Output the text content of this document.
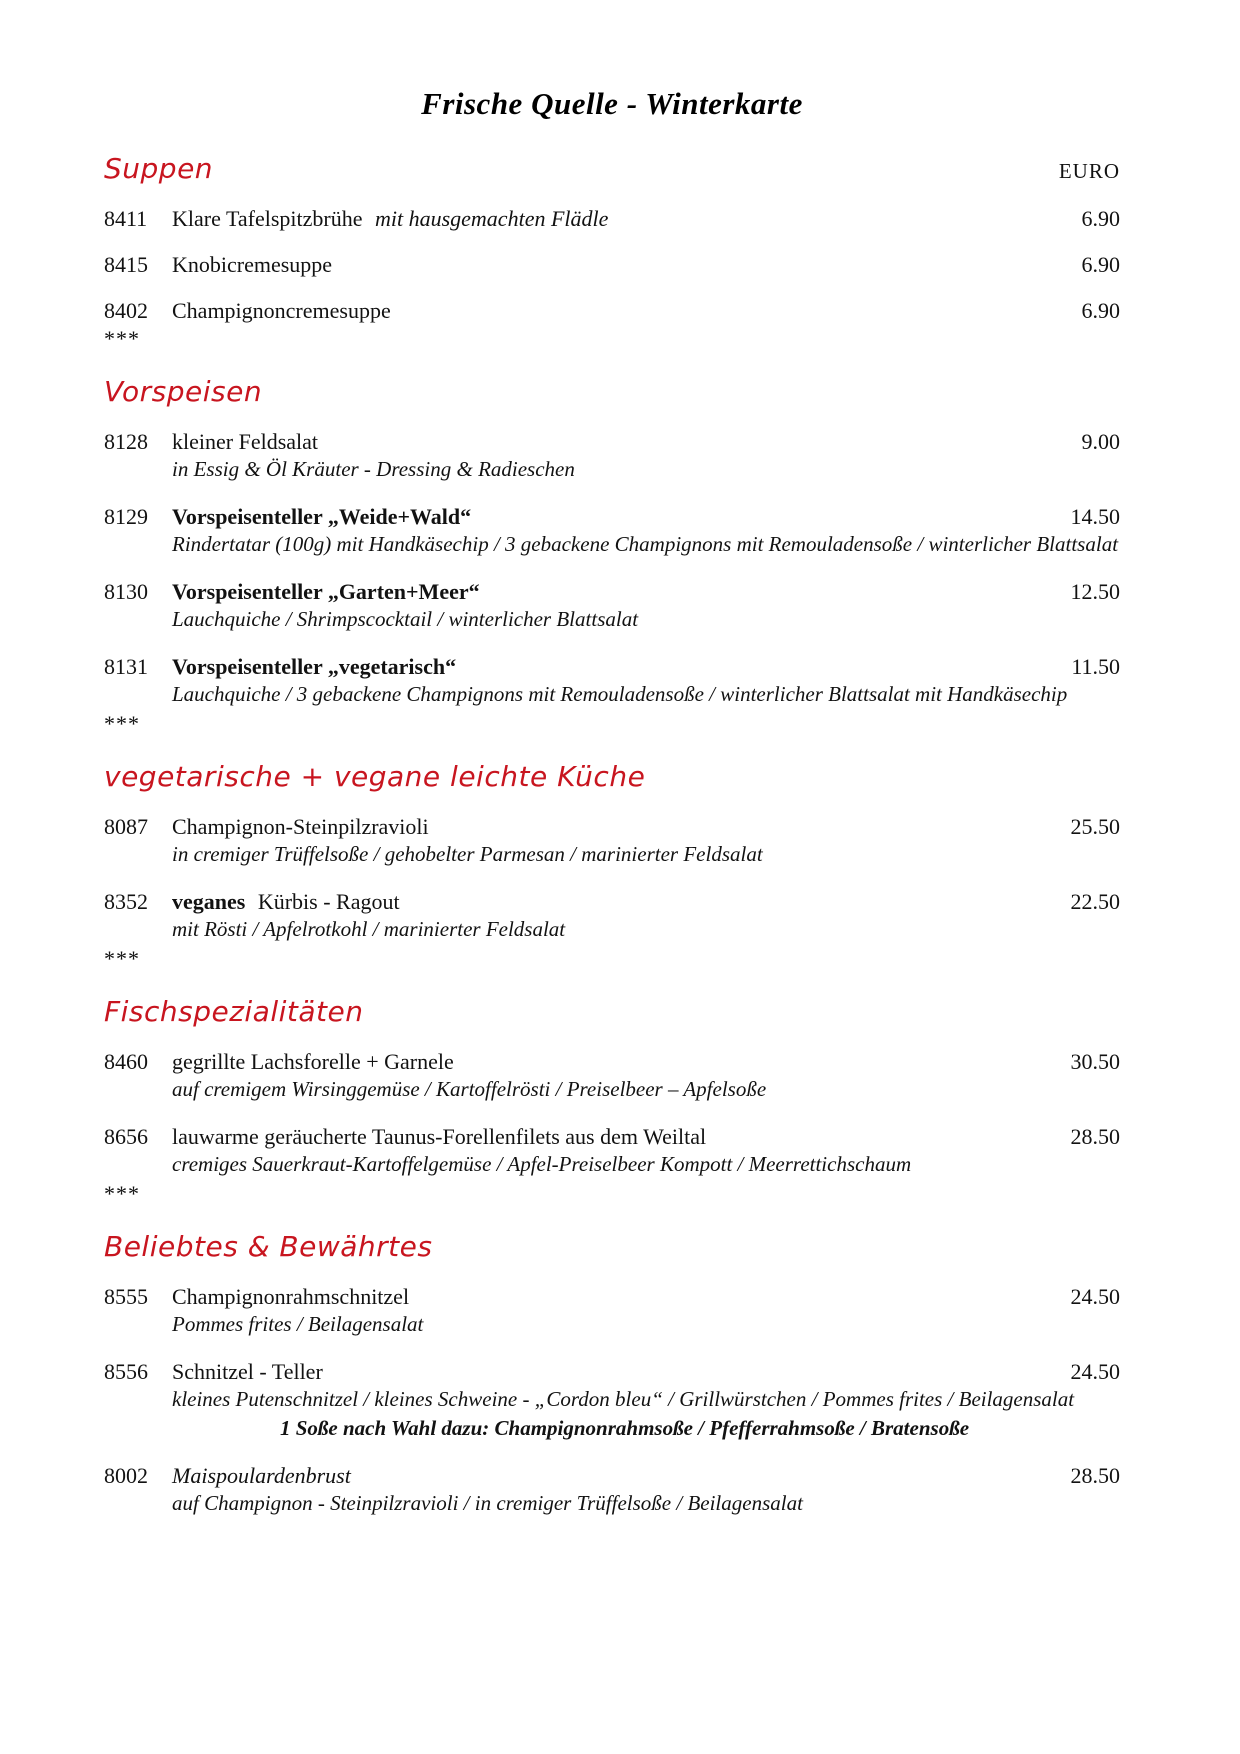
Frische Quelle - Winterkarte
Suppen	EURO
8411	Klare Tafelspitzbrühe mit hausgemachten Flädle	6.90
8415	Knobicremesuppe	6.90
8402	Champignoncremesuppe	6.90
***
Vorspeisen
8128	kleiner Feldsalat	9.00
in Essig & Öl Kräuter - Dressing & Radieschen
8129	Vorspeisenteller „Weide+Wald“	14.50
Rindertatar (100g) mit Handkäsechip / 3 gebackene Champignons mit Remouladensoße / winterlicher Blattsalat
8130	Vorspeisenteller „Garten+Meer“	12.50
Lauchquiche / Shrimpscocktail / winterlicher Blattsalat
8131	Vorspeisenteller „vegetarisch“	11.50
Lauchquiche / 3 gebackene Champignons mit Remouladensoße / winterlicher Blattsalat mit Handkäsechip
***
vegetarische + vegane leichte Küche
8087	Champignon-Steinpilzravioli	25.50
in cremiger Trüffelsoße / gehobelter Parmesan / marinierter Feldsalat
8352	veganes Kürbis - Ragout	22.50
mit Rösti / Apfelrotkohl / marinierter Feldsalat
***
Fischspezialitäten
8460	gegrillte Lachsforelle + Garnele	30.50
auf cremigem Wirsinggemüse / Kartoffelrösti / Preiselbeer – Apfelsoße
8656	lauwarme geräucherte Taunus-Forellenfilets aus dem Weiltal	28.50
cremiges Sauerkraut-Kartoffelgemüse / Apfel-Preiselbeer Kompott / Meerrettichschaum
***
Beliebtes & Bewährtes
8555	Champignonrahmschnitzel	24.50
Pommes frites / Beilagensalat
8556	Schnitzel - Teller	24.50
kleines Putenschnitzel / kleines Schweine - „Cordon bleu“ / Grillwürstchen / Pommes frites / Beilagensalat
1 Soße nach Wahl dazu: Champignonrahmsoße / Pfefferrahmsoße / Bratensoße
8002	Maispoulardenbrust	28.50
auf Champignon - Steinpilzravioli / in cremiger Trüffelsoße / Beilagensalat
